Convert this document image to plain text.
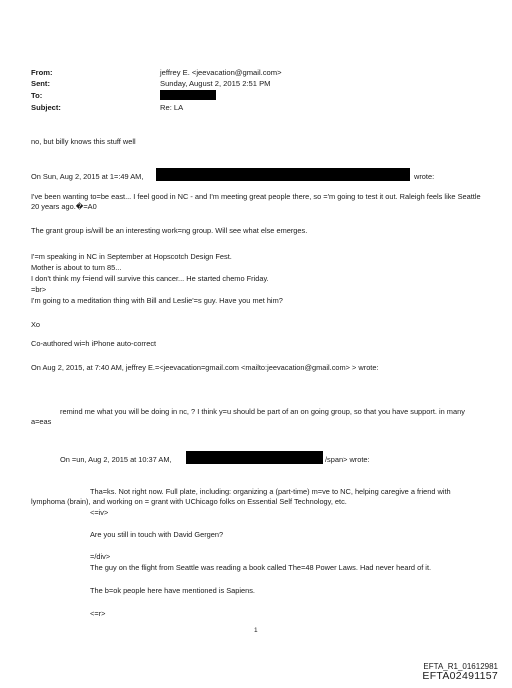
From:	jeffrey E. <jeevacation@gmail.com>
Sent:	Sunday, August 2, 2015 2:51 PM
To:
Subject:	Re: LA
no, but billy knows this stuff well
On Sun, Aug 2, 2015 at 1=:49 AM,	wrote:
I've been wanting to=be east... I feel good in NC - and I'm meeting great people there, so ='m going to test it out. Raleigh feels like Seattle 20 years ago.�=A0
The grant group is/will be an interesting work=ng group. Will see what else emerges.
I'=m speaking in NC in September at Hopscotch Design Fest.
Mother is about to turn 85...
I don't think my f=iend will survive this cancer... He started chemo Friday.
=br>
I'm going to a meditation thing with Bill and Leslie'=s guy. Have you met him?
Xo
Co-authored wi=h iPhone auto-correct
On Aug 2, 2015, at 7:40 AM, jeffrey E.=<jeevacation=gmail.com <mailto:jeevacation@gmail.com> > wrote:
remind me what you will be doing in nc, ? I think y=u should be part of an on going group, so that you have support. in many a=eas
On =un, Aug 2, 2015 at 10:37 AM,	/span> wrote:
Tha=ks. Not right now. Full plate, including: organizing a (part-time) m=ve to NC, helping caregive a friend with lymphoma (brain), and working on = grant with UChicago folks on Essential Self Technology, etc.
<=iv>
Are you still in touch with David Gergen?
=/div>
The guy on the flight from Seattle was reading a book called The=48 Power Laws. Had never heard of it.
The b=ok people here have mentioned is Sapiens.
<=r>
1
EFTA_R1_01612981
EFTA02491157
